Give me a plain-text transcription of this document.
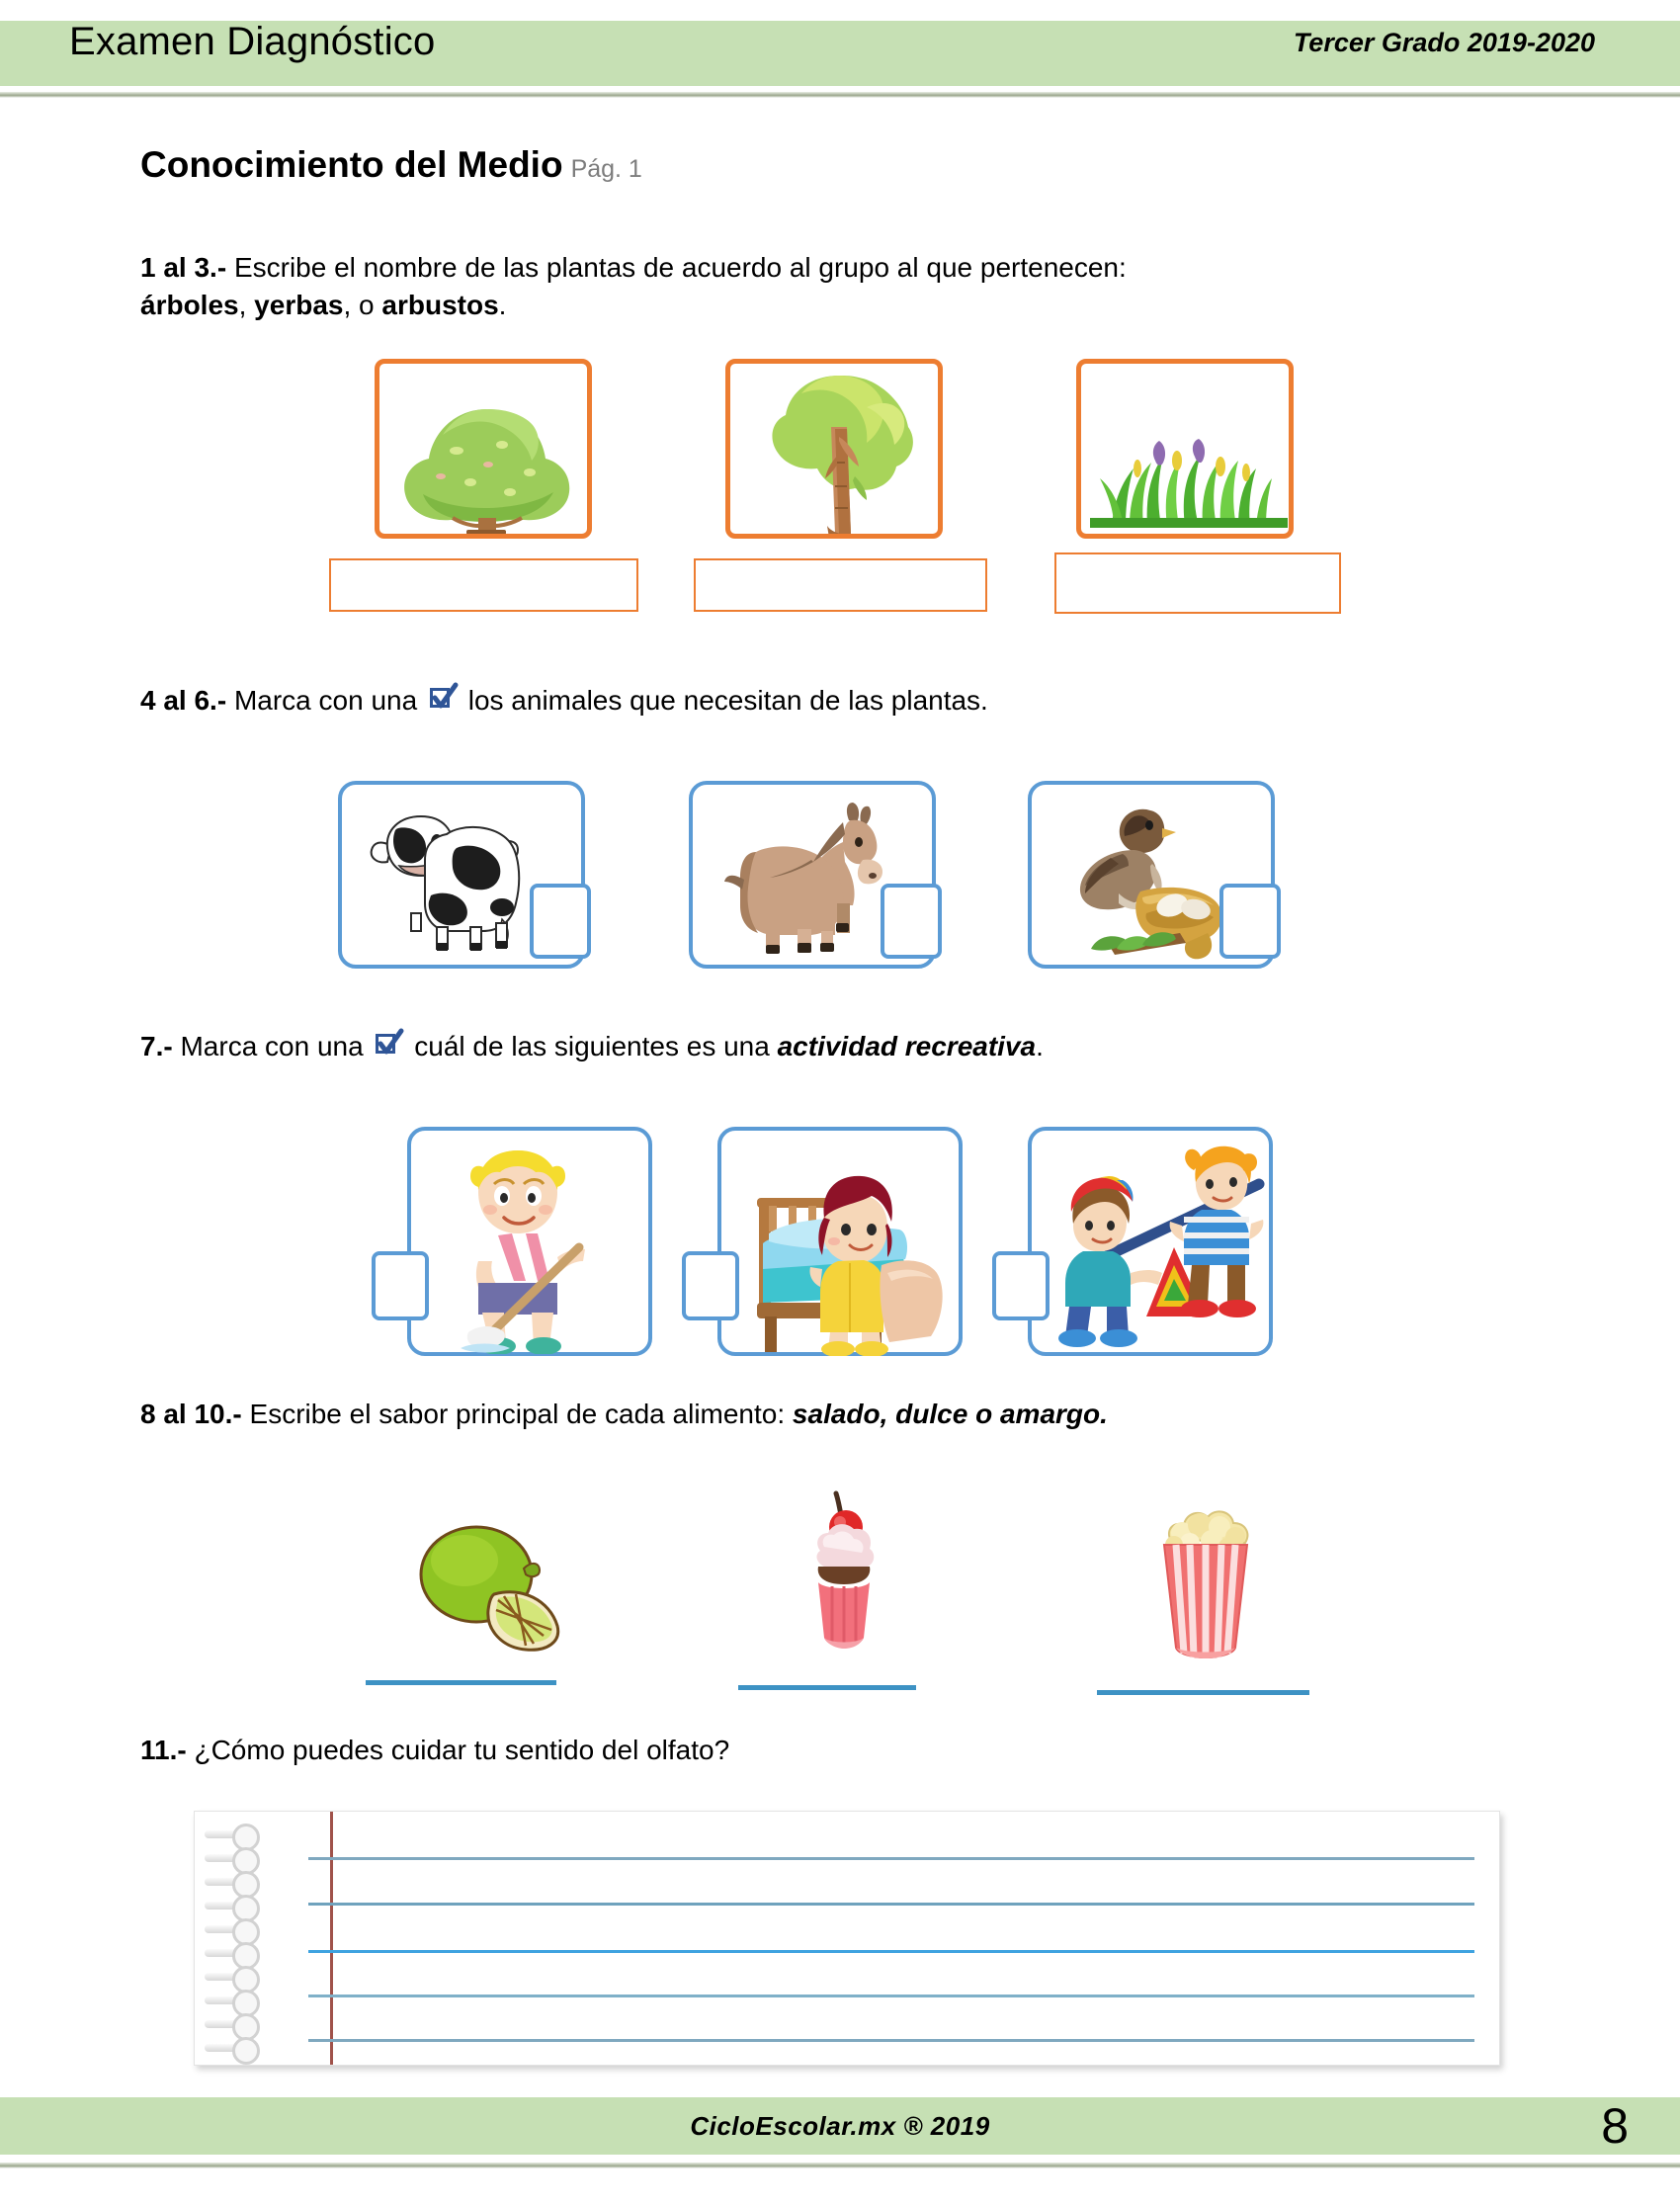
Examen Diagnóstico	Tercer Grado 2019-2020
Conocimiento del Medio Pág. 1
1 al 3.- Escribe el nombre de las plantas de acuerdo al grupo al que pertenecen:
árboles, yerbas, o arbustos.
4 al 6.- Marca con una
los animales que necesitan de las plantas.
7.- Marca con una
cuál de las siguientes es una actividad recreativa.
8 al 10.- Escribe el sabor principal de cada alimento: salado, dulce o amargo.
11.- ¿Cómo puedes cuidar tu sentido del olfato?
CicloEscolar.mx ® 2019	8
